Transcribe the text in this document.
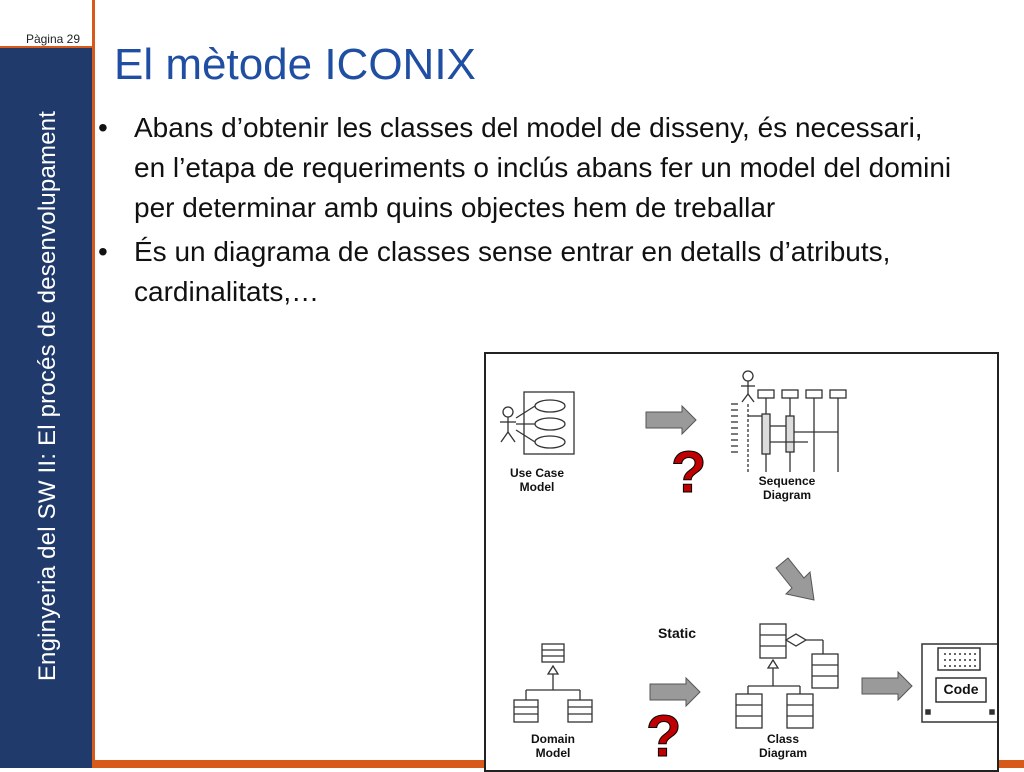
Enginyeria del SW II: El procés de desenvolupament
Pàgina 29
El mètode ICONIX
• Abans d’obtenir les classes del model de disseny, és necessari, en l’etapa de requeriments o inclús abans fer un model del domini per determinar amb quins objectes hem de treballar
• És un diagrama de classes sense entrar en detalls d’atributs, cardinalitats,…
?
?
Use Case
Model	Sequence
Diagram
Static
Domain
Model
Class
Diagram
Code
